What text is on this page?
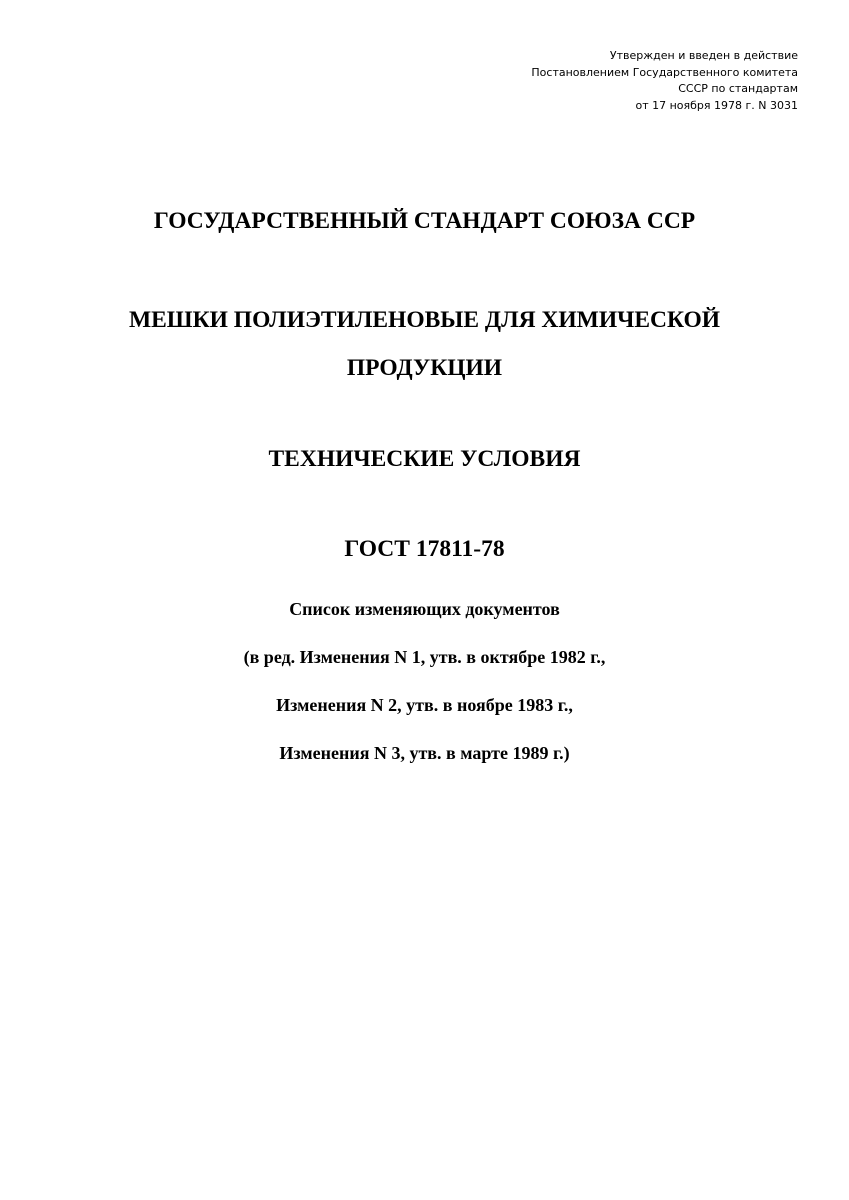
Утвержден и введен в действие
Постановлением Государственного комитета
СССР по стандартам
от 17 ноября 1978 г. N 3031
ГОСУДАРСТВЕННЫЙ СТАНДАРТ СОЮЗА ССР
МЕШКИ ПОЛИЭТИЛЕНОВЫЕ ДЛЯ ХИМИЧЕСКОЙ
ПРОДУКЦИИ
ТЕХНИЧЕСКИЕ УСЛОВИЯ
ГОСТ 17811-78
Список изменяющих документов
(в ред. Изменения N 1, утв. в октябре 1982 г.,
Изменения N 2, утв. в ноябре 1983 г.,
Изменения N 3, утв. в марте 1989 г.)
